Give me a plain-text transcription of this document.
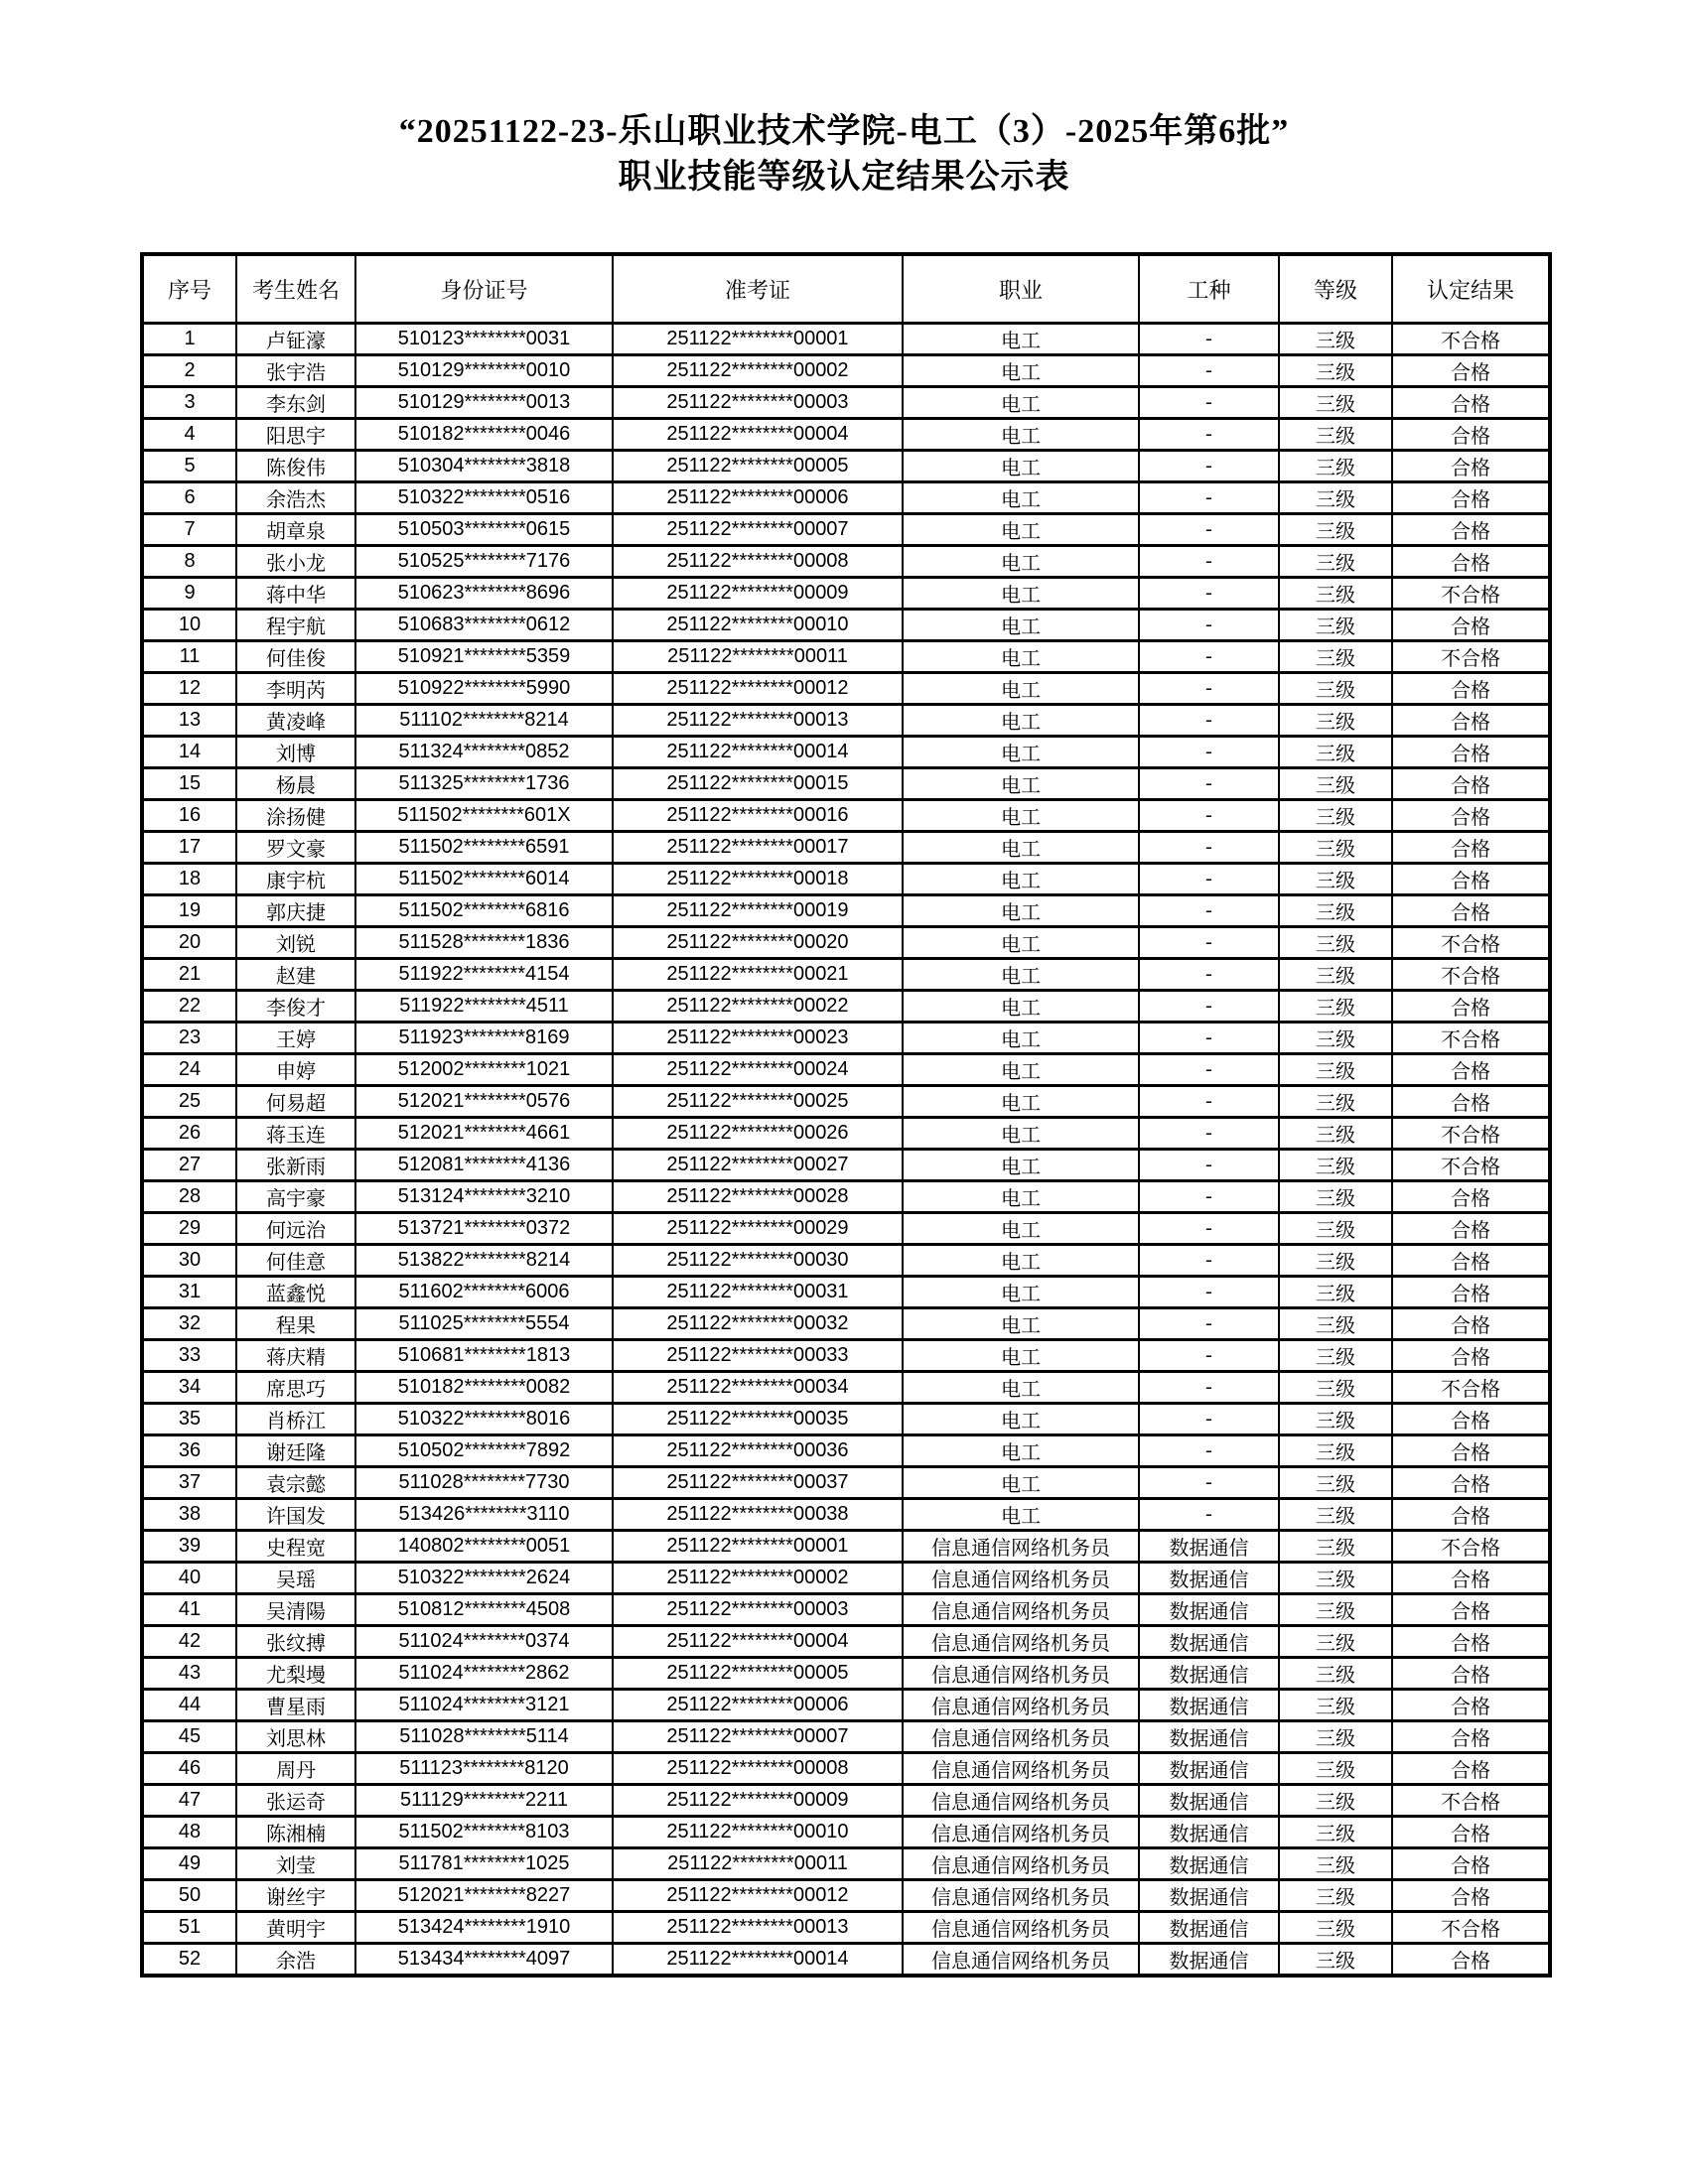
“20251122-23-乐山职业技术学院-电工（3）-2025年第6批”
职业技能等级认定结果公示表
序号	考生姓名	身份证号	准考证	职业	工种	等级	认定结果
1	卢钲濠	510123********0031	251122********00001	电工	-	三级	不合格
2	张宇浩	510129********0010	251122********00002	电工	-	三级	合格
3	李东剑	510129********0013	251122********00003	电工	-	三级	合格
4	阳思宇	510182********0046	251122********00004	电工	-	三级	合格
5	陈俊伟	510304********3818	251122********00005	电工	-	三级	合格
6	余浩杰	510322********0516	251122********00006	电工	-	三级	合格
7	胡章泉	510503********0615	251122********00007	电工	-	三级	合格
8	张小龙	510525********7176	251122********00008	电工	-	三级	合格
9	蒋中华	510623********8696	251122********00009	电工	-	三级	不合格
10	程宇航	510683********0612	251122********00010	电工	-	三级	合格
11	何佳俊	510921********5359	251122********00011	电工	-	三级	不合格
12	李明芮	510922********5990	251122********00012	电工	-	三级	合格
13	黄凌峰	511102********8214	251122********00013	电工	-	三级	合格
14	刘博	511324********0852	251122********00014	电工	-	三级	合格
15	杨晨	511325********1736	251122********00015	电工	-	三级	合格
16	涂扬健	511502********601X	251122********00016	电工	-	三级	合格
17	罗文豪	511502********6591	251122********00017	电工	-	三级	合格
18	康宇杭	511502********6014	251122********00018	电工	-	三级	合格
19	郭庆捷	511502********6816	251122********00019	电工	-	三级	合格
20	刘锐	511528********1836	251122********00020	电工	-	三级	不合格
21	赵建	511922********4154	251122********00021	电工	-	三级	不合格
22	李俊才	511922********4511	251122********00022	电工	-	三级	合格
23	王婷	511923********8169	251122********00023	电工	-	三级	不合格
24	申婷	512002********1021	251122********00024	电工	-	三级	合格
25	何易超	512021********0576	251122********00025	电工	-	三级	合格
26	蒋玉连	512021********4661	251122********00026	电工	-	三级	不合格
27	张新雨	512081********4136	251122********00027	电工	-	三级	不合格
28	高宇豪	513124********3210	251122********00028	电工	-	三级	合格
29	何远治	513721********0372	251122********00029	电工	-	三级	合格
30	何佳意	513822********8214	251122********00030	电工	-	三级	合格
31	蓝鑫悦	511602********6006	251122********00031	电工	-	三级	合格
32	程果	511025********5554	251122********00032	电工	-	三级	合格
33	蒋庆精	510681********1813	251122********00033	电工	-	三级	合格
34	席思巧	510182********0082	251122********00034	电工	-	三级	不合格
35	肖桥江	510322********8016	251122********00035	电工	-	三级	合格
36	谢廷隆	510502********7892	251122********00036	电工	-	三级	合格
37	袁宗懿	511028********7730	251122********00037	电工	-	三级	合格
38	许国发	513426********3110	251122********00038	电工	-	三级	合格
39	史程宽	140802********0051	251122********00001	信息通信网络机务员	数据通信	三级	不合格
40	吴瑶	510322********2624	251122********00002	信息通信网络机务员	数据通信	三级	合格
41	吴清陽	510812********4508	251122********00003	信息通信网络机务员	数据通信	三级	合格
42	张纹搏	511024********0374	251122********00004	信息通信网络机务员	数据通信	三级	合格
43	尤梨墁	511024********2862	251122********00005	信息通信网络机务员	数据通信	三级	合格
44	曹星雨	511024********3121	251122********00006	信息通信网络机务员	数据通信	三级	合格
45	刘思林	511028********5114	251122********00007	信息通信网络机务员	数据通信	三级	合格
46	周丹	511123********8120	251122********00008	信息通信网络机务员	数据通信	三级	合格
47	张运奇	511129********2211	251122********00009	信息通信网络机务员	数据通信	三级	不合格
48	陈湘楠	511502********8103	251122********00010	信息通信网络机务员	数据通信	三级	合格
49	刘莹	511781********1025	251122********00011	信息通信网络机务员	数据通信	三级	合格
50	谢丝宇	512021********8227	251122********00012	信息通信网络机务员	数据通信	三级	合格
51	黄明宇	513424********1910	251122********00013	信息通信网络机务员	数据通信	三级	不合格
52	余浩	513434********4097	251122********00014	信息通信网络机务员	数据通信	三级	合格
